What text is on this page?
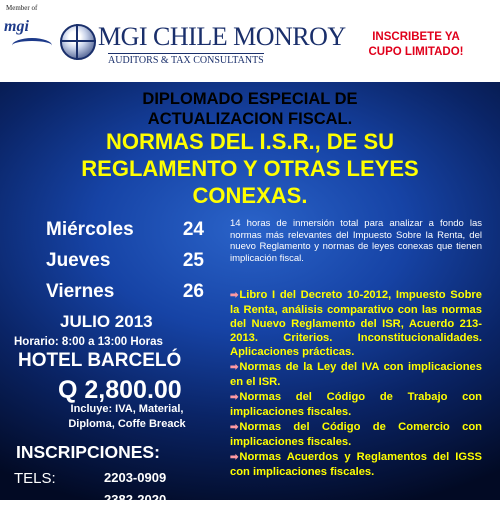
Member of
mgi	MGI CHILE MONROY
AUDITORS & TAX CONSULTANTS
INSCRIBETE YA
CUPO LIMITADO!
DIPLOMADO ESPECIAL DE
ACTUALIZACION FISCAL.
NORMAS DEL I.S.R., DE SU
REGLAMENTO Y OTRAS LEYES
CONEXAS.
Miércoles	24
Jueves	25
Viernes	26
JULIO 2013
Horario: 8:00 a 13:00 Horas
HOTEL BARCELÓ
Q 2,800.00
Incluye: IVA, Material,
Diploma, Coffe Breack
INSCRIPCIONES:
TELS:	2203-0909
2382-2020
14 horas de inmersión total para analizar a fondo las normas más relevantes del Impuesto Sobre la Renta, del nuevo Reglamento y normas de leyes conexas que tienen implicación fiscal.
➡Libro I del Decreto 10-2012, Impuesto Sobre la Renta, análisis comparativo con las normas del Nuevo Reglamento del ISR, Acuerdo 213-2013. Criterios. Inconstitucionalidades. Aplicaciones prácticas.
➡Normas de la Ley del IVA con implicaciones en el ISR.
➡Normas del Código de Trabajo con implicaciones fiscales.
➡Normas del Código de Comercio con implicaciones fiscales.
➡Normas Acuerdos y Reglamentos del IGSS con implicaciones fiscales.
